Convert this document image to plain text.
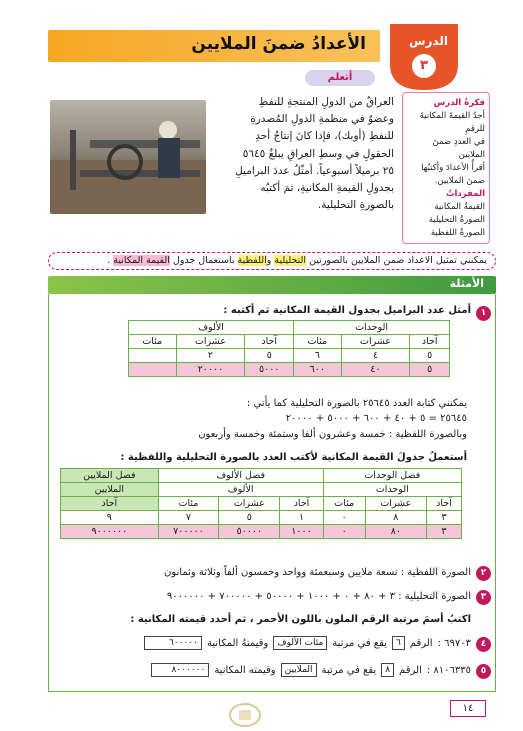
الأعدادُ ضمنَ الملايين	الدرس
٣
فكرةُ الدرس
أجدُ القيمةَ المكانيةَ للرقمِ
في العددِ ضمنَ الملايين
أقرأُ الأعدادَ وأكتبُها
ضمنَ الملايين.
المفرداتُ
القيمةُ المكانية
الصورةُ التحليلية
الصورةُ اللفظية
أتعلم
العراقُ من الدولِ المنتجةِ للنفطِ وعضوٌ في منظمةِ الدولِ المُصدرةِ للنفطِ (أوبك)، فإذا كانَ إنتاجُ أحدِ الحقولِ في وسطِ العراقِ يبلغُ ٥٦٤٥ ٢٥ برميلاً أسبوعياً. أمثّلُ عددَ البراميلِ بجدولِ القيمةِ المكانيةِ، ثمَ أكتبُه بالصورةِ التحليلية.
يمكنني تمثيل الاعداد ضمن الملايين بالصورتين التحليلية واللفظية باستعمال جدول القيمة المكانية .
الأمثلة
١
أمثل عدد البراميل بجدول القيمة المكانية ثم أكتبه :
الوحدات			الألوف		
آحاد	عشرات	مئات	آحاد	عشرات	مئات
٥	٤	٦	٥	٢	
٥	٤٠	٦٠٠	٥٠٠٠	٢٠٠٠٠	
يمكنني كتابة العدد ٢٥٦٤٥ بالصورة التحليلية كما يأتي :
٢٥٦٤٥ = ٥ + ٤٠ + ٦٠٠ + ٥٠٠٠ + ٢٠٠٠٠
وبالصورة اللفظية : خمسة وعشرون ألفا وستمئة وخمسة وأربعون
أستعملُ جدولَ القيمة المكانية لأكتب العدد بالصورة التحليلية واللفظية :
فصل الوحدات			فصل الألوف			فصل الملايين
الوحدات			الألوف			الملايين
آحاد	عشرات	مئات	آحاد	عشرات	مئات	آحاد
٣	٨	٠	١	٥	٧	٩
٣	٨٠	٠	١٠٠٠	٥٠٠٠٠	٧٠٠٠٠٠	٩٠٠٠٠٠٠
٢
الصورة اللفظية : تسعة ملايين وسبعمئة وواحد وخمسون ألفاً وثلاثة وثمانون
٣
الصورة التحليلية : ٣ + ٨٠ + ٠ + ١٠٠٠ + ٥٠٠٠٠ + ٧٠٠٠٠٠ + ٩٠٠٠٠٠٠
اكتبُ أسمَ مرتبة الرقم الملون باللون الأحمر ، ثم أحدد قيمته المكانية :
٤
٦٩٧٠٣ :
الرقم
٦
يقع في مرتبة
مئات الألوف
وقيمتهُ المكانية
٦٠٠٠٠٠
٥
٨١٠٦٣٣٥ :
الرقم
٨
يقع في مرتبة
الملايين
وقيمته المكانية
٨٠٠٠٠٠٠
١٤
